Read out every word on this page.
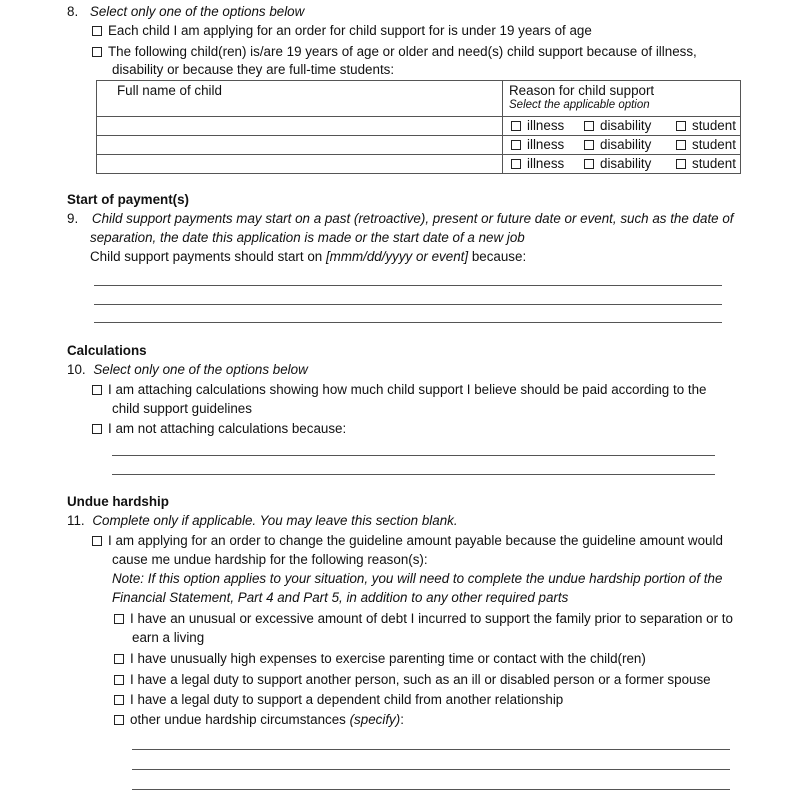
8. Select only one of the options below
Each child I am applying for an order for child support for is under 19 years of age
The following child(ren) is/are 19 years of age or older and need(s) child support because of illness,
disability or because they are full-time students:
Full name of child	Reason for child support
Select the applicable option

	illness disability student

	illness disability student

	illness disability student
Start of payment(s)
9. Child support payments may start on a past (retroactive), present or future date or event, such as the date of
separation, the date this application is made or the start date of a new job
Child support payments should start on [mmm/dd/yyyy or event] because:
Calculations
10. Select only one of the options below
I am attaching calculations showing how much child support I believe should be paid according to the
child support guidelines
I am not attaching calculations because:
Undue hardship
11. Complete only if applicable. You may leave this section blank.
I am applying for an order to change the guideline amount payable because the guideline amount would
cause me undue hardship for the following reason(s):
Note: If this option applies to your situation, you will need to complete the undue hardship portion of the
Financial Statement, Part 4 and Part 5, in addition to any other required parts
I have an unusual or excessive amount of debt I incurred to support the family prior to separation or to
earn a living
I have unusually high expenses to exercise parenting time or contact with the child(ren)
I have a legal duty to support another person, such as an ill or disabled person or a former spouse
I have a legal duty to support a dependent child from another relationship
other undue hardship circumstances (specify):
